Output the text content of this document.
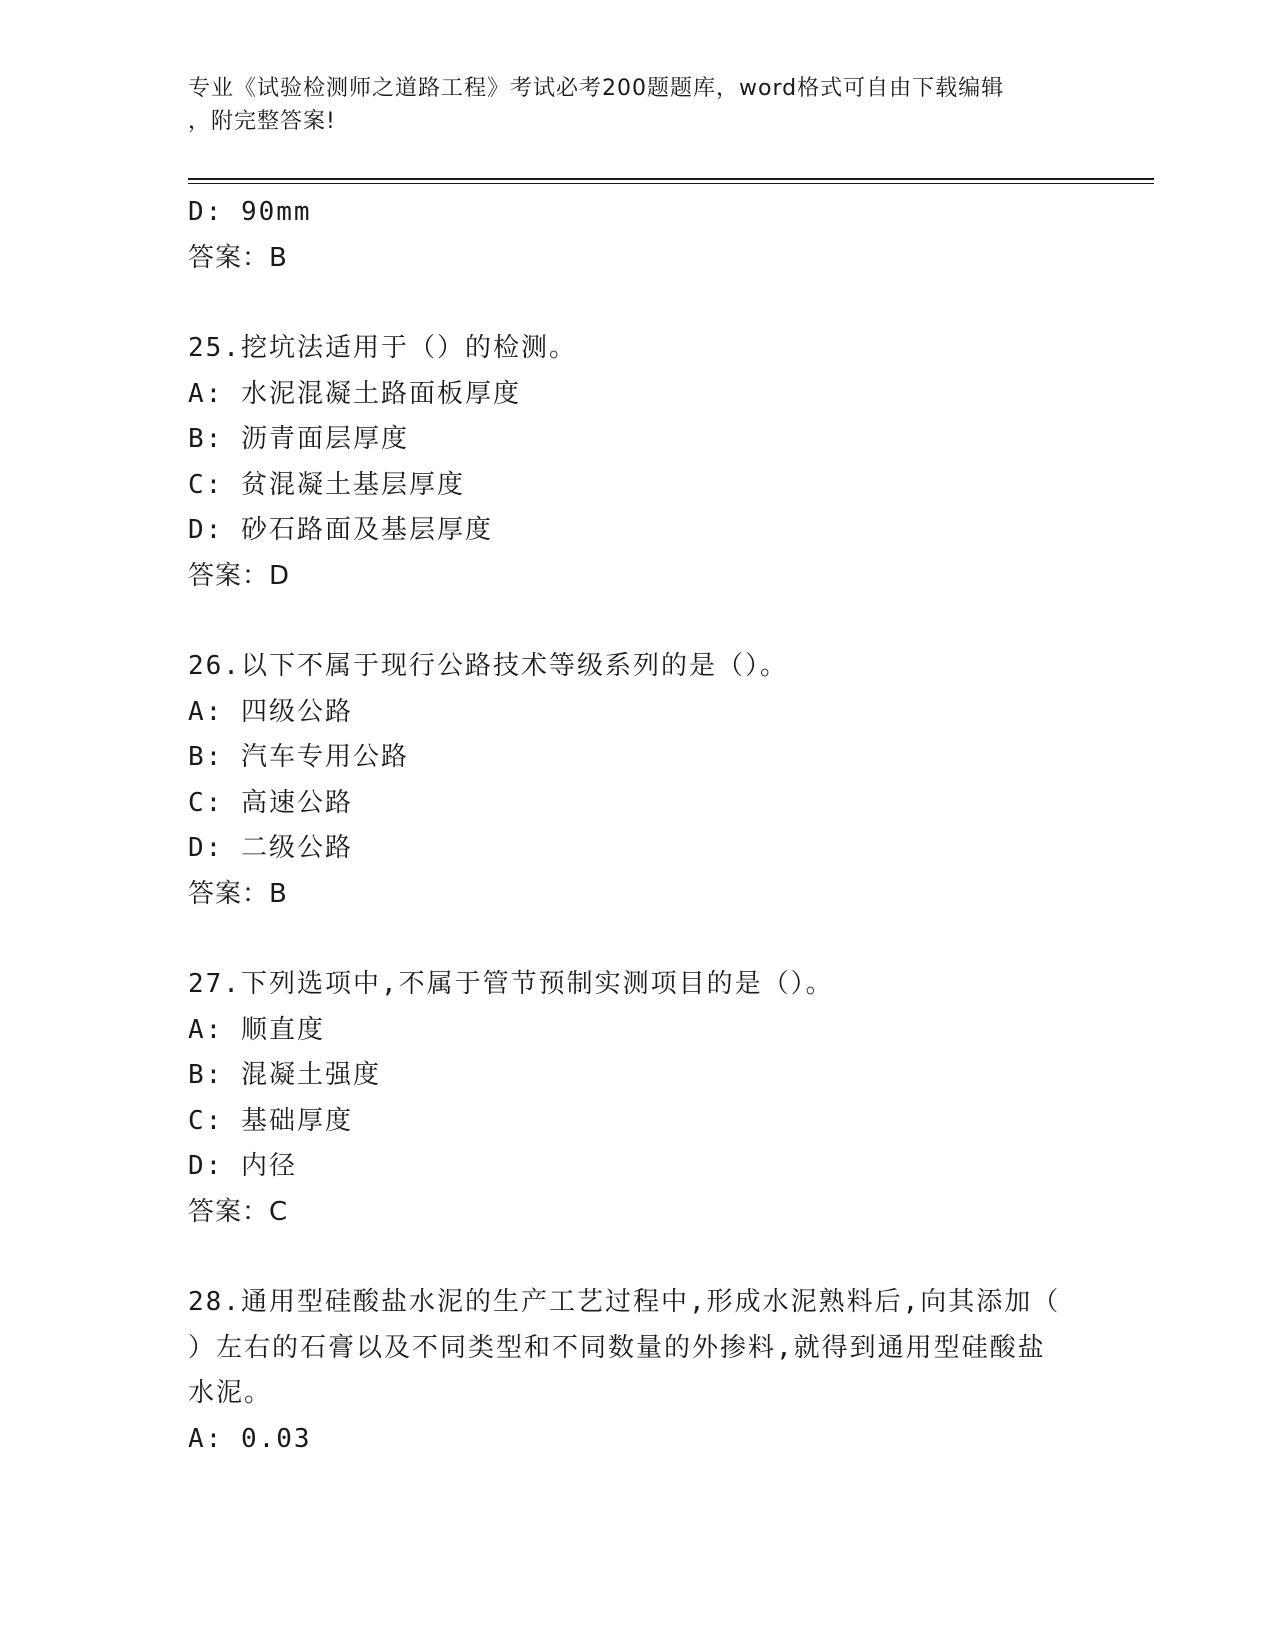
专业《试验检测师之道路工程》考试必考200题题库，word格式可自由下载编辑
，附完整答案!
D: 90mm
答案：B
25.挖坑法适用于（）的检测。
A: 水泥混凝土路面板厚度
B: 沥青面层厚度
C: 贫混凝土基层厚度
D: 砂石路面及基层厚度
答案：D
26.以下不属于现行公路技术等级系列的是（）。
A: 四级公路
B: 汽车专用公路
C: 高速公路
D: 二级公路
答案：B
27.下列选项中,不属于管节预制实测项目的是（）。
A: 顺直度
B: 混凝土强度
C: 基础厚度
D: 内径
答案：C
28.通用型硅酸盐水泥的生产工艺过程中,形成水泥熟料后,向其添加（
）左右的石膏以及不同类型和不同数量的外掺料,就得到通用型硅酸盐
水泥。
A: 0.03
